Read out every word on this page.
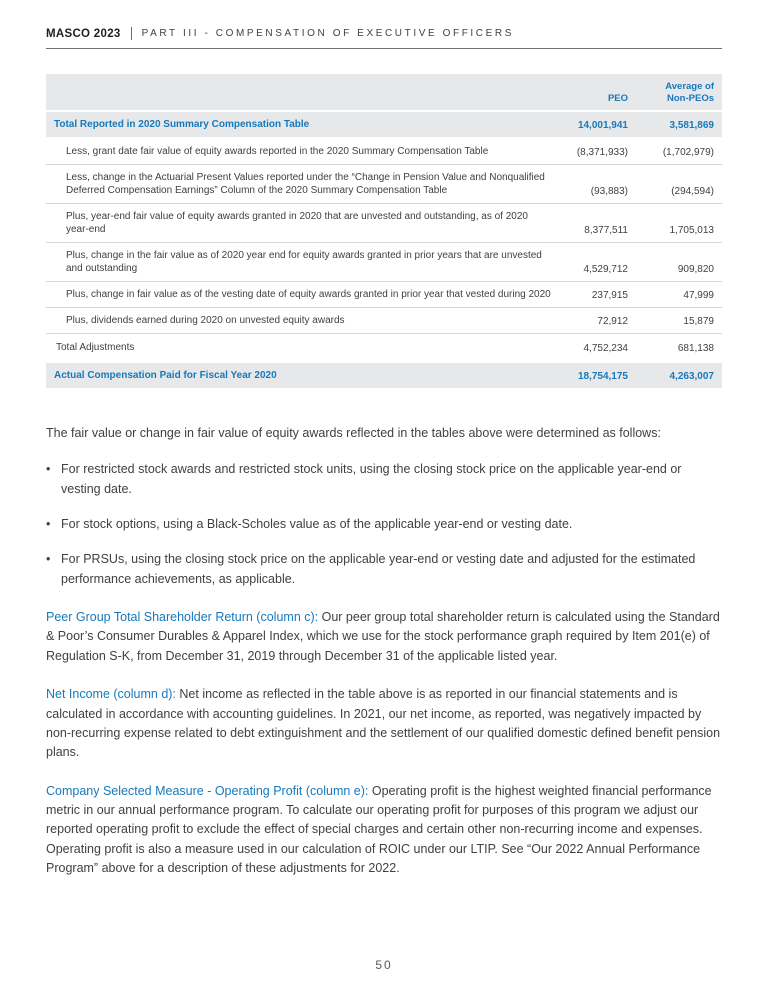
MASCO 2023 PART III - COMPENSATION OF EXECUTIVE OFFICERS
	PEO	Average of Non-PEOs
Total Reported in 2020 Summary Compensation Table	14,001,941	3,581,869
Less, grant date fair value of equity awards reported in the 2020 Summary Compensation Table	(8,371,933)	(1,702,979)
Less, change in the Actuarial Present Values reported under the “Change in Pension Value and Nonqualified Deferred Compensation Earnings” Column of the 2020 Summary Compensation Table	(93,883)	(294,594)
Plus, year-end fair value of equity awards granted in 2020 that are unvested and outstanding, as of 2020 year-end	8,377,511	1,705,013
Plus, change in the fair value as of 2020 year end for equity awards granted in prior years that are unvested and outstanding	4,529,712	909,820
Plus, change in fair value as of the vesting date of equity awards granted in prior year that vested during 2020	237,915	47,999
Plus, dividends earned during 2020 on unvested equity awards	72,912	15,879
Total Adjustments	4,752,234	681,138
Actual Compensation Paid for Fiscal Year 2020	18,754,175	4,263,007

The fair value or change in fair value of equity awards reflected in the tables above were determined as follows:

• For restricted stock awards and restricted stock units, using the closing stock price on the applicable year-end or vesting date.
• For stock options, using a Black-Scholes value as of the applicable year-end or vesting date.
• For PRSUs, using the closing stock price on the applicable year-end or vesting date and adjusted for the estimated performance achievements, as applicable.

Peer Group Total Shareholder Return (column c): Our peer group total shareholder return is calculated using the Standard & Poor’s Consumer Durables & Apparel Index, which we use for the stock performance graph required by Item 201(e) of Regulation S-K, from December 31, 2019 through December 31 of the applicable listed year.

Net Income (column d): Net income as reflected in the table above is as reported in our financial statements and is calculated in accordance with accounting guidelines. In 2021, our net income, as reported, was negatively impacted by non-recurring expense related to debt extinguishment and the settlement of our qualified domestic defined benefit pension plans.

Company Selected Measure - Operating Profit (column e): Operating profit is the highest weighted financial performance metric in our annual performance program. To calculate our operating profit for purposes of this program we adjust our reported operating profit to exclude the effect of special charges and certain other non-recurring income and expenses. Operating profit is also a measure used in our calculation of ROIC under our LTIP. See “Our 2022 Annual Performance Program” above for a description of these adjustments for 2022.

50
